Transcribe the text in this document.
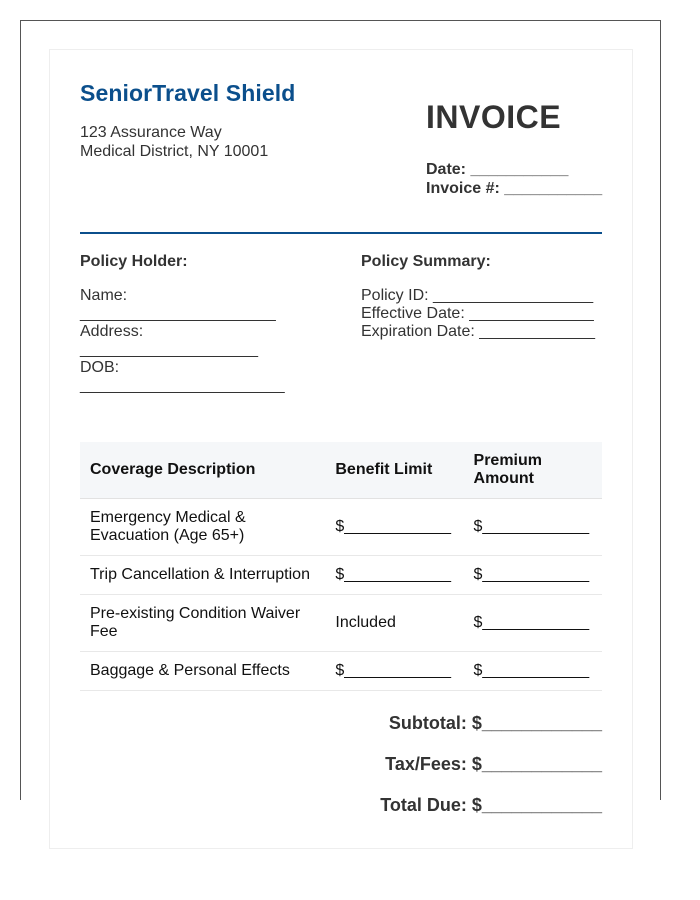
SeniorTravel Shield
123 Assurance Way
Medical District, NY 10001
INVOICE
Date: ___________
Invoice #: ___________
Policy Holder:
Name:
______________________
Address:
____________________
DOB:
_______________________
Policy Summary:
Policy ID: __________________
Effective Date: ______________
Expiration Date: _____________
Coverage Description	Benefit Limit	Premium Amount
Emergency Medical & Evacuation (Age 65+)	$____________	$____________
Trip Cancellation & Interruption	$____________	$____________
Pre-existing Condition Waiver Fee	Included	$____________
Baggage & Personal Effects	$____________	$____________
Subtotal: $____________
Tax/Fees: $____________
Total Due: $____________
